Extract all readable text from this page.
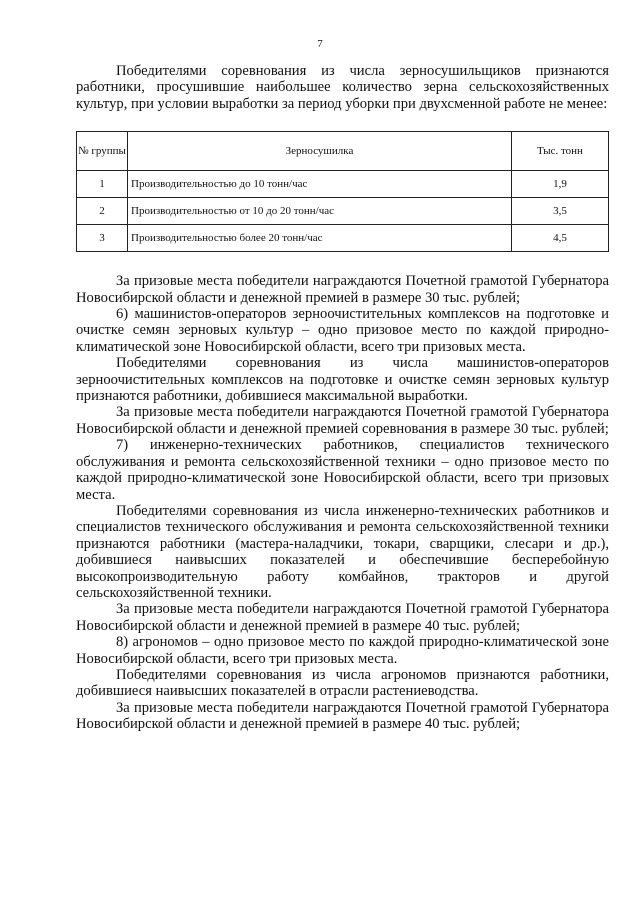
7

Победителями соревнования из числа зерносушильщиков признаются работники, просушившие наибольшее количество зерна сельскохозяйственных культур, при условии выработки за период уборки при двухсменной работе не менее:

№ группы	Зерносушилка	Тыс. тонн
1	Производительностью до 10 тонн/час	1,9
2	Производительностью от 10 до 20 тонн/час	3,5
3	Производительностью более 20 тонн/час	4,5

За призовые места победители награждаются Почетной грамотой Губернатора Новосибирской области и денежной премией в размере 30 тыс. рублей;

6) машинистов-операторов зерноочистительных комплексов на подготовке и очистке семян зерновых культур – одно призовое место по каждой природно-климатической зоне Новосибирской области, всего три призовых места.

Победителями соревнования из числа машинистов-операторов зерноочистительных комплексов на подготовке и очистке семян зерновых культур признаются работники, добившиеся максимальной выработки.

За призовые места победители награждаются Почетной грамотой Губернатора Новосибирской области и денежной премией соревнования в размере 30 тыс. рублей;

7) инженерно-технических работников, специалистов технического обслуживания и ремонта сельскохозяйственной техники – одно призовое место по каждой природно-климатической зоне Новосибирской области, всего три призовых места.

Победителями соревнования из числа инженерно-технических работников и специалистов технического обслуживания и ремонта сельскохозяйственной техники признаются работники (мастера-наладчики, токари, сварщики, слесари и др.), добившиеся наивысших показателей и обеспечившие бесперебойную высокопроизводительную работу комбайнов, тракторов и другой сельскохозяйственной техники.

За призовые места победители награждаются Почетной грамотой Губернатора Новосибирской области и денежной премией в размере 40 тыс. рублей;

8) агрономов – одно призовое место по каждой природно-климатической зоне Новосибирской области, всего три призовых места.

Победителями соревнования из числа агрономов признаются работники, добившиеся наивысших показателей в отрасли растениеводства.

За призовые места победители награждаются Почетной грамотой Губернатора Новосибирской области и денежной премией в размере 40 тыс. рублей;
